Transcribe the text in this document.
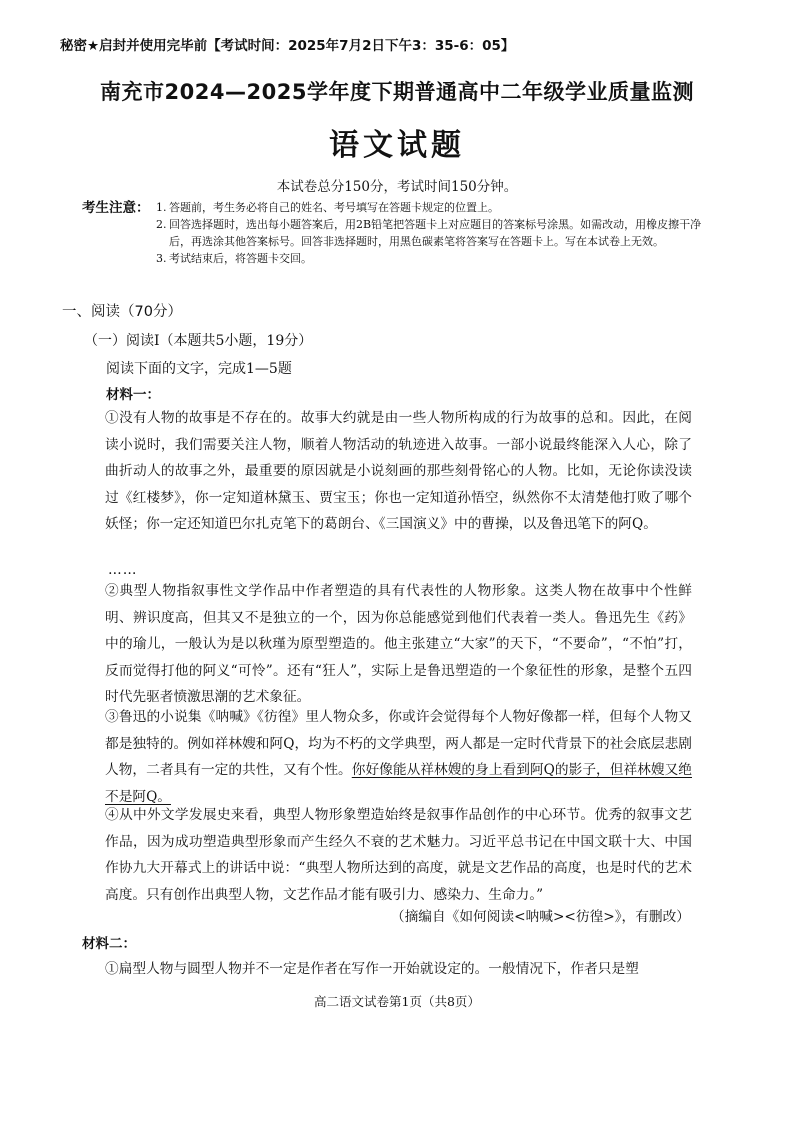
秘密★启封并使用完毕前【考试时间：2025年7月2日下午3：35-6：05】
南充市2024—2025学年度下期普通高中二年级学业质量监测
语文试题
本试卷总分150分，考试时间150分钟。
考生注意： 1. 答题前，考生务必将自己的姓名、考号填写在答题卡规定的位置上。
2. 回答选择题时，选出每小题答案后，用2B铅笔把答题卡上对应题目的答案标号涂黑。如需改动，用橡皮擦干净后，再选涂其他答案标号。回答非选择题时，用黑色碳素笔将答案写在答题卡上。写在本试卷上无效。
3. 考试结束后，将答题卡交回。
一、阅读（70分）
（一）阅读Ⅰ（本题共5小题，19分）
阅读下面的文字，完成1—5题
材料一：
①没有人物的故事是不存在的。故事大约就是由一些人物所构成的行为故事的总和。因此，在阅读小说时，我们需要关注人物，顺着人物活动的轨迹进入故事。一部小说最终能深入人心，除了曲折动人的故事之外，最重要的原因就是小说刻画的那些刻骨铭心的人物。比如，无论你读没读过《红楼梦》，你一定知道林黛玉、贾宝玉；你也一定知道孙悟空，纵然你不太清楚他打败了哪个妖怪；你一定还知道巴尔扎克笔下的葛朗台、《三国演义》中的曹操，以及鲁迅笔下的阿Q。
……
②典型人物指叙事性文学作品中作者塑造的具有代表性的人物形象。这类人物在故事中个性鲜明、辨识度高，但其又不是独立的一个，因为你总能感觉到他们代表着一类人。鲁迅先生《药》中的瑜儿，一般认为是以秋瑾为原型塑造的。他主张建立“大家”的天下，“不要命”，“不怕”打，反而觉得打他的阿义“可怜”。还有“狂人”，实际上是鲁迅塑造的一个象征性的形象，是整个五四时代先驱者愤激思潮的艺术象征。
③鲁迅的小说集《呐喊》《彷徨》里人物众多，你或许会觉得每个人物好像都一样，但每个人物又都是独特的。例如祥林嫂和阿Q，均为不朽的文学典型，两人都是一定时代背景下的社会底层悲剧人物，二者具有一定的共性，又有个性。你好像能从祥林嫂的身上看到阿Q的影子，但祥林嫂又绝不是阿Q。
④从中外文学发展史来看，典型人物形象塑造始终是叙事作品创作的中心环节。优秀的叙事文艺作品，因为成功塑造典型形象而产生经久不衰的艺术魅力。习近平总书记在中国文联十大、中国作协九大开幕式上的讲话中说：“典型人物所达到的高度，就是文艺作品的高度，也是时代的艺术高度。只有创作出典型人物，文艺作品才能有吸引力、感染力、生命力。”
（摘编自《如何阅读<呐喊><彷徨>》，有删改）
材料二：
①扁型人物与圆型人物并不一定是作者在写作一开始就设定的。一般情况下，作者只是塑
高二语文试卷第1页（共8页）
